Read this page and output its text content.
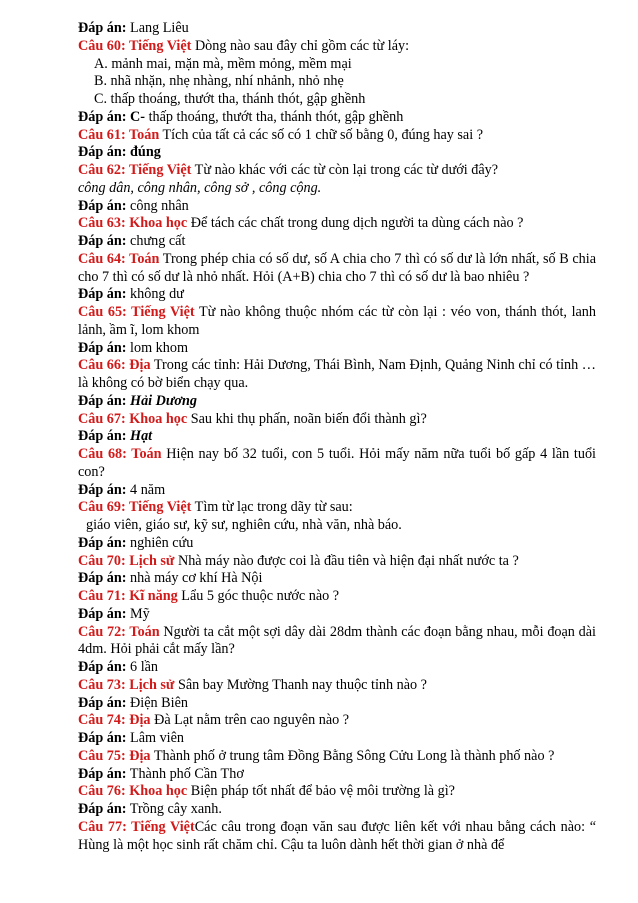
Đáp án: Lang Liêu

Câu 60: Tiếng Việt Dòng nào sau đây chỉ gồm các từ láy:

A. mảnh mai, mặn mà, mềm mỏng, mềm mại

B. nhã nhặn, nhẹ nhàng, nhí nhảnh, nhỏ nhẹ

C. thấp thoáng, thướt tha, thánh thót, gập ghềnh

Đáp án: C- thấp thoáng, thướt tha, thánh thót, gập ghềnh

Câu 61: Toán Tích của tất cả các số có 1 chữ số bằng 0, đúng hay sai ?

Đáp án: đúng

Câu 62: Tiếng Việt Từ nào khác với các từ còn lại trong các từ dưới đây?

công dân, công nhân, công sở , công cộng.

Đáp án: công nhân

Câu 63: Khoa học Để tách các chất trong dung dịch người ta dùng cách nào ?

Đáp án: chưng cất

Câu 64: Toán Trong phép chia có số dư, số A chia cho 7 thì có số dư là lớn nhất, số B chia cho 7 thì có số dư là nhỏ nhất. Hỏi (A+B) chia cho 7 thì có số dư là bao nhiêu ?

Đáp án: không dư

Câu 65: Tiếng Việt Từ nào không thuộc nhóm các từ còn lại : véo von, thánh thót, lanh lảnh, ầm ĩ, lom khom

Đáp án: lom khom

Câu 66: Địa Trong các tỉnh: Hải Dương, Thái Bình, Nam Định, Quảng Ninh chỉ có tỉnh … là không có bờ biển chạy qua.

Đáp án: Hải Dương

Câu 67: Khoa học Sau khi thụ phấn, noãn biến đổi thành gì?

Đáp án: Hạt

Câu 68: Toán Hiện nay bố 32 tuổi, con 5 tuổi. Hỏi mấy năm nữa tuổi bố gấp 4 lần tuổi con?

Đáp án: 4 năm

Câu 69: Tiếng Việt Tìm từ lạc trong dãy từ sau:

giáo viên, giáo sư, kỹ sư, nghiên cứu, nhà văn, nhà báo.

Đáp án: nghiên cứu

Câu 70: Lịch sử Nhà máy nào được coi là đầu tiên và hiện đại nhất nước ta ?

Đáp án: nhà máy cơ khí Hà Nội

Câu 71: Kĩ năng Lẩu 5 góc thuộc nước nào ?

Đáp án: Mỹ

Câu 72: Toán Người ta cắt một sợi dây dài 28dm thành các đoạn bằng nhau, mỗi đoạn dài 4dm. Hỏi phải cắt mấy lần?

Đáp án: 6 lần

Câu 73: Lịch sử Sân bay Mường Thanh nay thuộc tỉnh nào ?

Đáp án: Điện Biên

Câu 74: Địa Đà Lạt nằm trên cao nguyên nào ?

Đáp án: Lâm viên

Câu 75: Địa Thành phố ở trung tâm Đồng Bằng Sông Cửu Long là thành phố nào ?

Đáp án: Thành phố Cần Thơ

Câu 76: Khoa học Biện pháp tốt nhất để bảo vệ môi trường là gì?

Đáp án: Trồng cây xanh.

Câu 77: Tiếng ViệtCác câu trong đoạn văn sau được liên kết với nhau bằng cách nào: “ Hùng là một học sinh rất chăm chỉ. Cậu ta luôn dành hết thời gian ở nhà để
